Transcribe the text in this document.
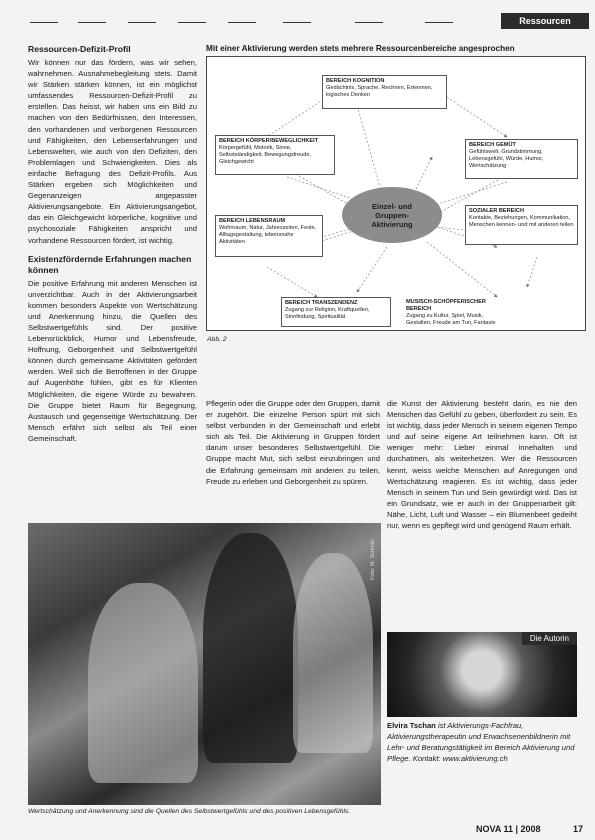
Ressourcen
Ressourcen-Defizit-Profil
Wir können nur das fördern, was wir sehen, wahrnehmen. Ausnahmebegleitung stets. Damit wir Stärken stärken können, ist ein möglichst umfassendes Ressourcen-Defizit-Profil zu erstellen. Das heisst, wir haben uns ein Bild zu machen von den Bedürfnissen, den Interessen, den vorhandenen und verborgenen Ressourcen und Fähigkeiten, den Lebenserfahrungen und Lebenswelten, wie auch von den Defiziten, den Problemlagen und Schwierigkeiten. Dies als einfache Befragung des Defizit-Profils. Aus Stärken ergeben sich Möglichkeiten und Gegenanzeigen angepasster Aktivierungsangebote. Ein Aktivierungsangebot, das ein Gleichgewicht körperliche, kognitive und psychosoziale Fähigkeiten anspricht und vorhandene Ressourcen fördert, ist wichtig.
Existenzfördernde Erfahrungen machen können
Die positive Erfahrung mit anderen Menschen ist unverzichtbar. Auch in der Aktivierungsarbeit kommen besonders Aspekte von Wertschätzung und Anerkennung hinzu, die Quellen des Selbstwertgefühls sind. Der positive Lebensrückblick, Humor und Lebensfreude, Hoffnung, Geborgenheit und Selbstwertgefühl können durch gemeinsame Aktivitäten gefördert werden. Weil sich die Betroffenen in der Gruppe auf Augenhöhe fühlen, gibt es für Klienten Möglichkeiten, die eigene Würde zu bewahren. Die Gruppe bietet Raum für Begegnung, Austausch und gegenseitige Wertschätzung. Der Mensch erfährt sich selbst als Teil einer Gemeinschaft.
Mit einer Aktivierung werden stets mehrere Ressourcenbereiche angesprochen
BEREICH KOGNITION
Gedächtnis, Sprache, Rechnen, Erkennen, logisches Denken
BEREICH KÖRPER/BEWEGLICHKEIT
Körpergefühl, Motorik, Sinne, Selbstständigkeit, Bewegungsfreude, Gleichgewicht
BEREICH GEMÜT
Gefühlswelt, Grundstimmung, Lebensgefühl, Würde, Humor, Wertschätzung
Einzel- und Gruppen-Aktivierung
SOZIALER BEREICH
Kontakte, Beziehungen, Kommunikation, Menschen kennen- und mit anderen teilen
BEREICH LEBENSRAUM
Wohnraum, Natur, Jahreszeiten, Feste, Alltagsgestaltung, lebensnahe Aktivitäten
BEREICH TRANSZENDENZ
Zugang zur Religion, Kraftquellen, Sinnfindung, Spiritualität
MUSISCH-SCHÖPFERISCHER BEREICH
Zugang zu Kultur, Spiel, Musik, Gestalten, Freude am Tun, Fantasie
Abb. 2
Pflegerin oder die Gruppe oder den Gruppen, damit er zugehört. Die einzelne Person spürt mit sich selbst verbunden in der Gemeinschaft und erlebt sich als Teil. Die Aktivierung in Gruppen fördert darum unser besonderes Selbstwertgefühl. Die Gruppe macht Mut, sich selbst einzubringen und die Erfahrung gemeinsam mit anderen zu teilen, Freude zu erleben und Geborgenheit zu spüren.
die Kunst der Aktivierung besteht darin, es nie den Menschen das Gefühl zu geben, überfordert zu sein. Es ist wichtig, dass jeder Mensch in seinem eigenen Tempo und auf seine eigene Art teilnehmen kann. Oft ist weniger mehr: Lieber einmal innehalten und durchatmen, als weiterhetzen. Wer die Ressourcen kennt, weiss welche Menschen auf Anregungen und Wertschätzung reagieren. Es ist wichtig, dass jeder Mensch in seinem Tun und Sein gewürdigt wird. Das ist ein Grundsatz, wie er auch in der Gruppenarbeit gilt: Nähe, Licht, Luft und Wasser – ein Blumenbeet gedeiht nur, wenn es gepflegt wird und genügend Raum erhält.
Foto: M. Schmid
Wertschätzung und Anerkennung sind die Quellen des Selbstwertgefühls und des positiven Lebensgefühls.
Die Autorin
Elvira Tschan ist Aktivierungs-Fachfrau, Aktivierungstherapeutin und Erwachsenenbildnerin mit Lehr- und Beratungstätigkeit im Bereich Aktivierung und Pflege. Kontakt: www.aktivierung.ch
NOVA 11 | 2008	17
